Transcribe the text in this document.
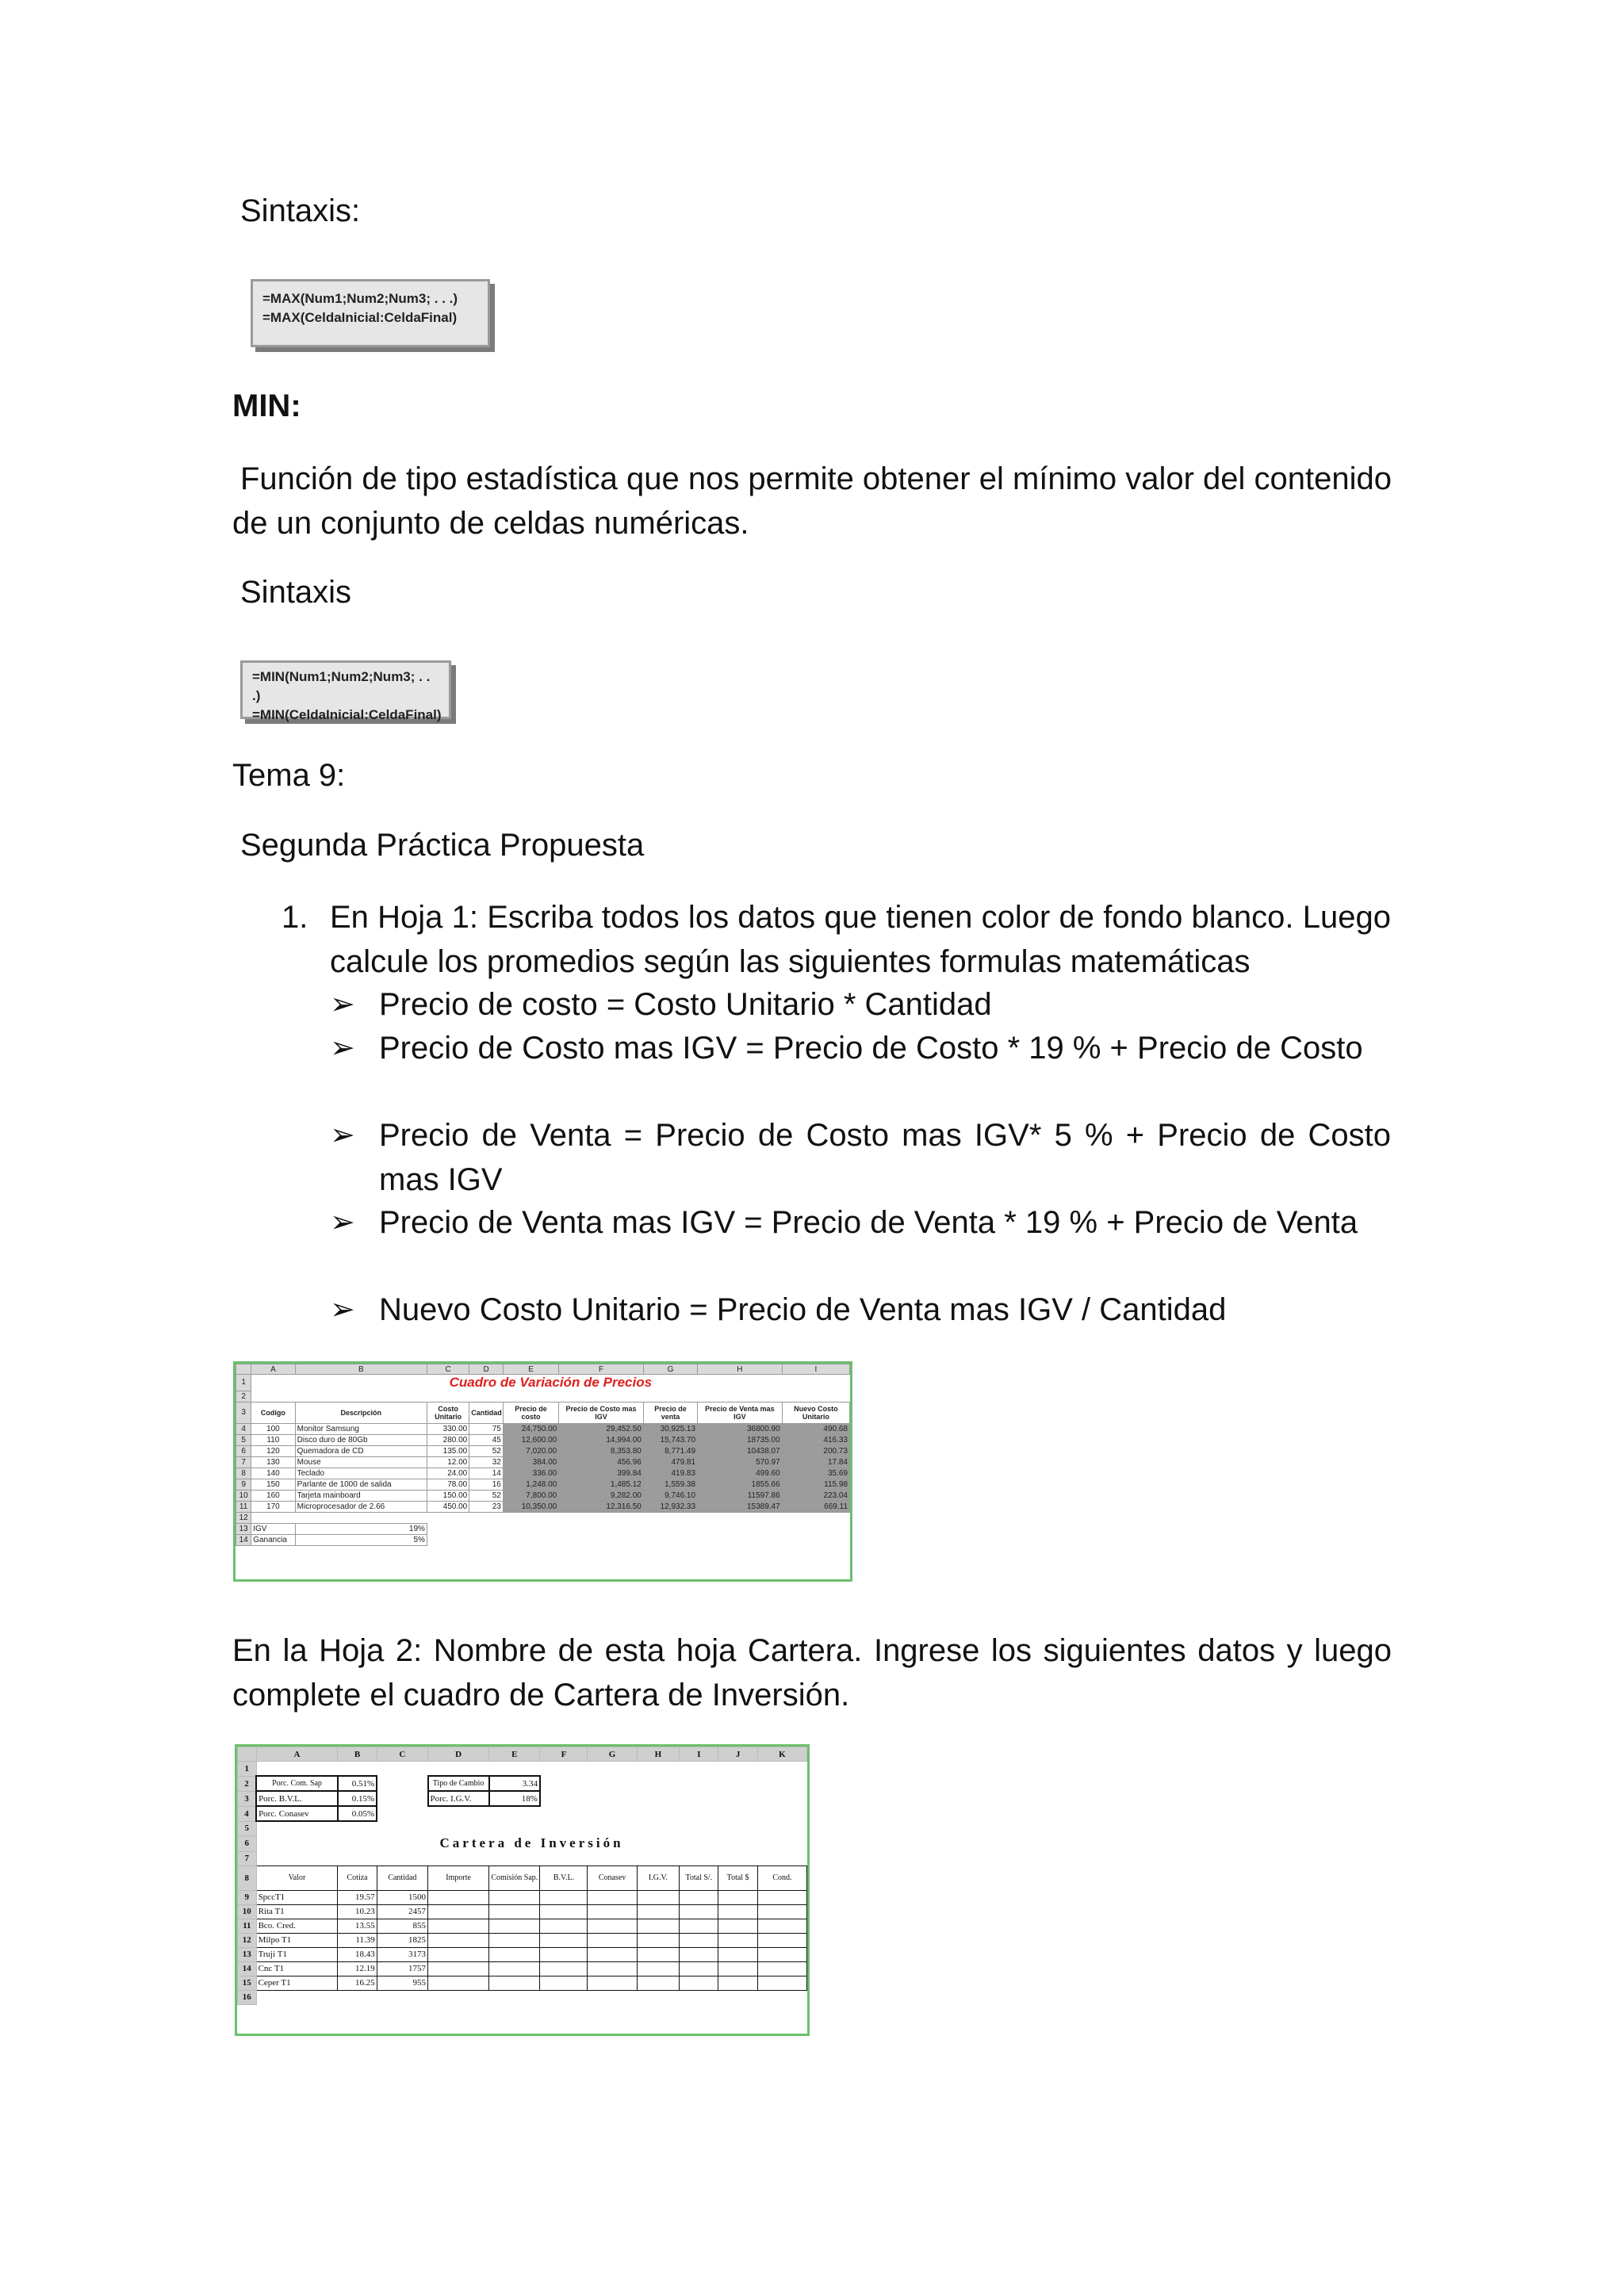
Sintaxis:

=MAX(Num1;Num2;Num3; . . .)
=MAX(CeldaInicial:CeldaFinal)

MIN:

Función de tipo estadística que nos permite obtener el mínimo valor del contenido de un conjunto de celdas numéricas.

Sintaxis

=MIN(Num1;Num2;Num3; . . .)
=MIN(CeldaInicial:CeldaFinal)

Tema 9:

Segunda Práctica Propuesta

1. En Hoja 1: Escriba todos los datos que tienen color de fondo blanco. Luego calcule los promedios según las siguientes formulas matemáticas

➢ Precio de costo = Costo Unitario * Cantidad

➢ Precio de Costo mas IGV = Precio de Costo * 19 % + Precio de Costo

➢ Precio de Venta = Precio de Costo mas IGV* 5 % + Precio de Costo mas IGV

➢ Precio de Venta mas IGV = Precio de Venta * 19 % + Precio de Venta

➢ Nuevo Costo Unitario = Precio de Venta mas IGV / Cantidad

	A	B	C	D	E	F	G	H	I
1	Cuadro de Variación de Precios								
2									
3	Codigo	Descripción	Costo Unitario	Cantidad	Precio de costo	Precio de Costo mas IGV	Precio de venta	Precio de Venta mas IGV	Nuevo Costo Unitario
4	100	Monitor Samsung	330.00	75	24,750.00	29,452.50	30,925.13	36800.90	490.68
5	110	Disco duro de 80Gb	280.00	45	12,600.00	14,994.00	15,743.70	18735.00	416.33
6	120	Quemadora de CD	135.00	52	7,020.00	8,353.80	8,771.49	10438.07	200.73
7	130	Mouse	12.00	32	384.00	456.96	479.81	570.97	17.84
8	140	Teclado	24.00	14	336.00	399.84	419.83	499.60	35.69
9	150	Parlante de 1000 de salida	78.00	16	1,248.00	1,485.12	1,559.38	1855.66	115.98
10	160	Tarjeta mainboard	150.00	52	7,800.00	9,282.00	9,746.10	11597.86	223.04
11	170	Microprocesador de 2.66	450.00	23	10,350.00	12,316.50	12,932.33	15389.47	669.11
12									
13	IGV	19%							
14	Ganancia	5%							

En la Hoja 2: Nombre de esta hoja Cartera. Ingrese los siguientes datos y luego complete el cuadro de Cartera de Inversión.

	A	B	C	D	E	F	G	H	I	J	K
1											
2	Porc. Com. Sap	0.51%		Tipo de Cambio	3.34						
3	Porc. B.V.L.	0.15%		Porc. I.G.V.	18%						
4	Porc. Conasev	0.05%									
5											
6	Cartera de Inversión										
7											
8	Valor	Cotiza	Cantidad	Importe	Comisión Sap.	B.V.L.	Conasev	I.G.V.	Total S/.	Total $	Cond.
9	SpccT1	19.57	1500								
10	Rita T1	10.23	2457								
11	Bco. Cred.	13.55	855								
12	Milpo T1	11.39	1825								
13	Truji T1	18.43	3173								
14	Cnc T1	12.19	1757								
15	Ceper T1	16.25	955								
16											
